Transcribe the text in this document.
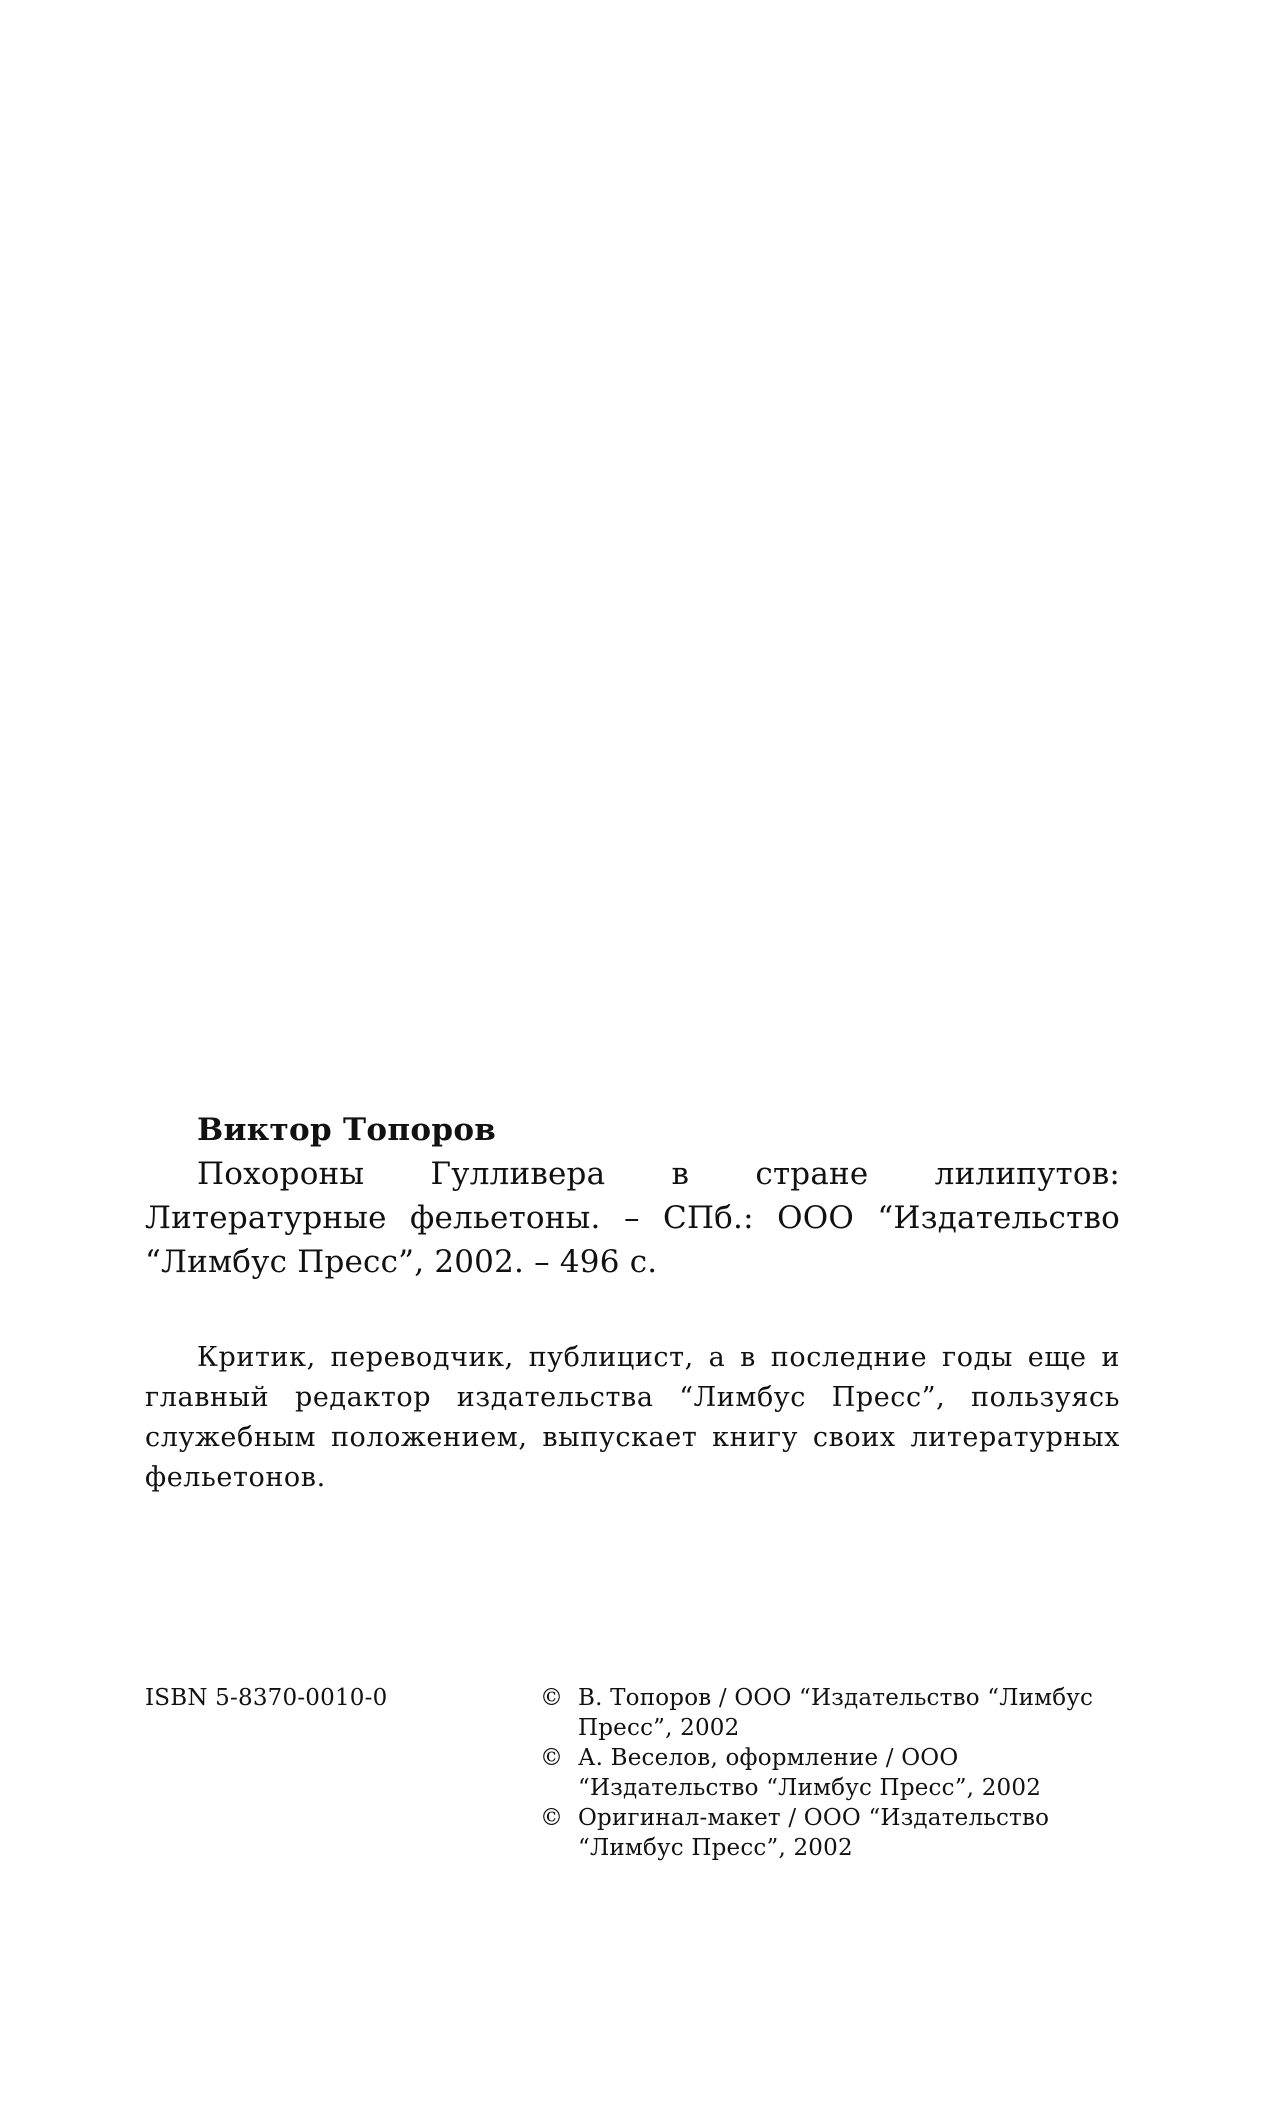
Виктор Топоров

Похороны Гулливера в стране лилипутов: Литературные фельетоны. – СПб.: ООО “Издательство “Лимбус Пресс”, 2002. – 496 с.

Критик, переводчик, публицист, а в последние годы еще и главный редактор издательства “Лимбус Пресс”, пользуясь служебным положением, выпускает книгу своих литературных фельетонов.

ISBN 5-8370-0010-0	© В. Топоров / ООО “Издательство “Лимбус Пресс”, 2002

© А. Веселов, оформление / ООО “Издательство “Лимбус Пресс”, 2002

© Оригинал-макет / ООО “Издательство “Лимбус Пресс”, 2002
